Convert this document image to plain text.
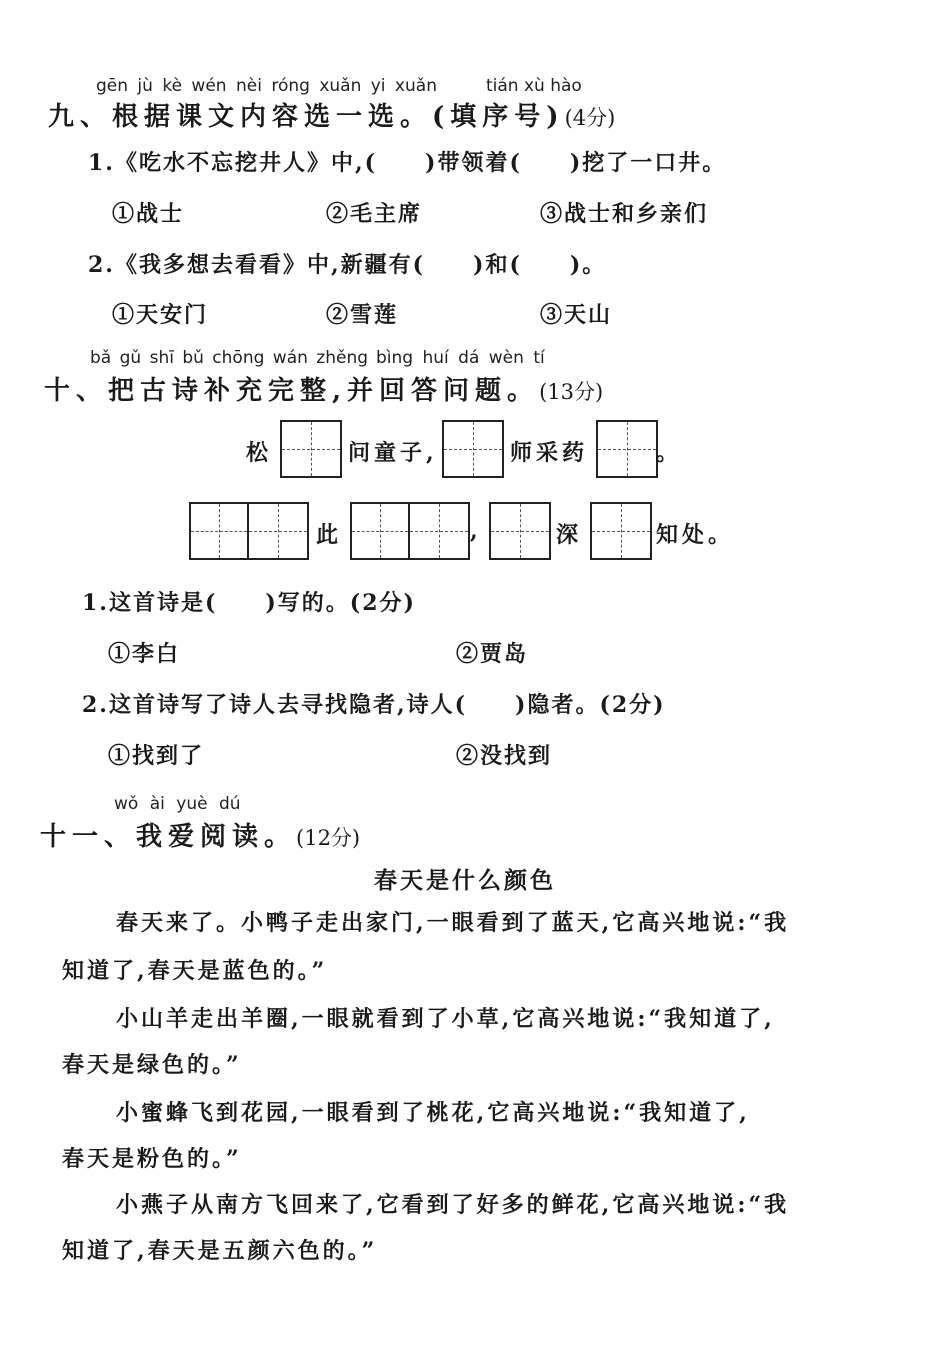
gēn jù kè wén nèi róng xuǎn yi xuǎn	tián xù hào
九、根据课文内容选一选。(填序号)(4分)
1.《吃水不忘挖井人》中,(　　)带领着(　　)挖了一口井。
①战士	②毛主席	③战士和乡亲们
2.《我多想去看看》中,新疆有(　　)和(　　)。
①天安门	②雪莲	③天山
bǎ gǔ shī bǔ chōng wán zhěng bìng huí dá wèn tí
十、把古诗补充完整,并回答问题。(13分)
松	问童子,	师采药	。
此	,	深	知处。
1.这首诗是(　　)写的。(2分)
①李白	②贾岛
2.这首诗写了诗人去寻找隐者,诗人(　　)隐者。(2分)
①找到了	②没找到
wǒ ài yuè dú
十一、我爱阅读。(12分)
春天是什么颜色
春天来了。小鸭子走出家门,一眼看到了蓝天,它高兴地说:“我
知道了,春天是蓝色的。”
小山羊走出羊圈,一眼就看到了小草,它高兴地说:“我知道了,
春天是绿色的。”
小蜜蜂飞到花园,一眼看到了桃花,它高兴地说:“我知道了,
春天是粉色的。”
小燕子从南方飞回来了,它看到了好多的鲜花,它高兴地说:“我
知道了,春天是五颜六色的。”
